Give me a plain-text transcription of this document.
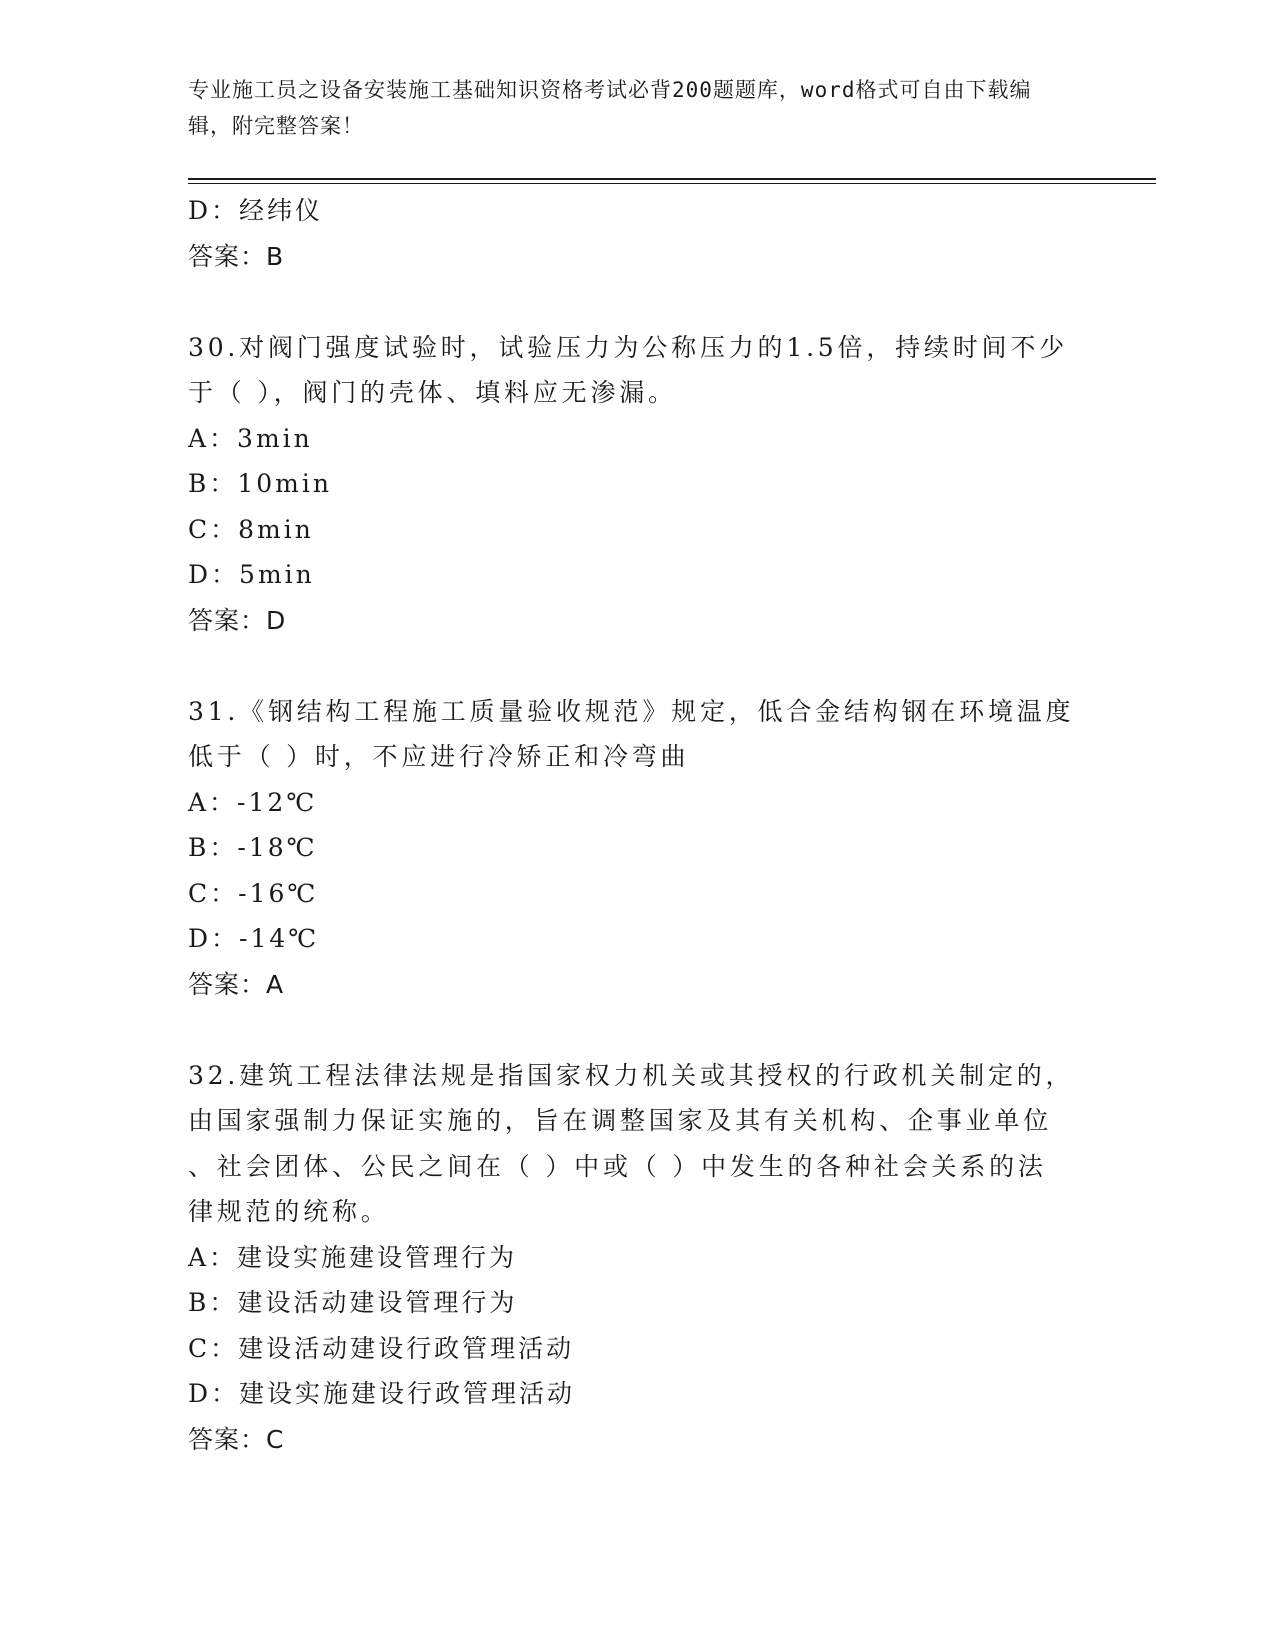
专业施工员之设备安装施工基础知识资格考试必背200题题库，word格式可自由下载编辑，附完整答案！
D：经纬仪
答案：B
30.对阀门强度试验时，试验压力为公称压力的1.5倍，持续时间不少
于（ ），阀门的壳体、填料应无渗漏。
A：3min
B：10min
C：8min
D：5min
答案：D
31.《钢结构工程施工质量验收规范》规定，低合金结构钢在环境温度
低于（ ）时，不应进行冷矫正和冷弯曲
A：-12℃
B：-18℃
C：-16℃
D：-14℃
答案：A
32.建筑工程法律法规是指国家权力机关或其授权的行政机关制定的，
由国家强制力保证实施的，旨在调整国家及其有关机构、企事业单位
、社会团体、公民之间在（ ）中或（ ）中发生的各种社会关系的法
律规范的统称。
A：建设实施建设管理行为
B：建设活动建设管理行为
C：建设活动建设行政管理活动
D：建设实施建设行政管理活动
答案：C
